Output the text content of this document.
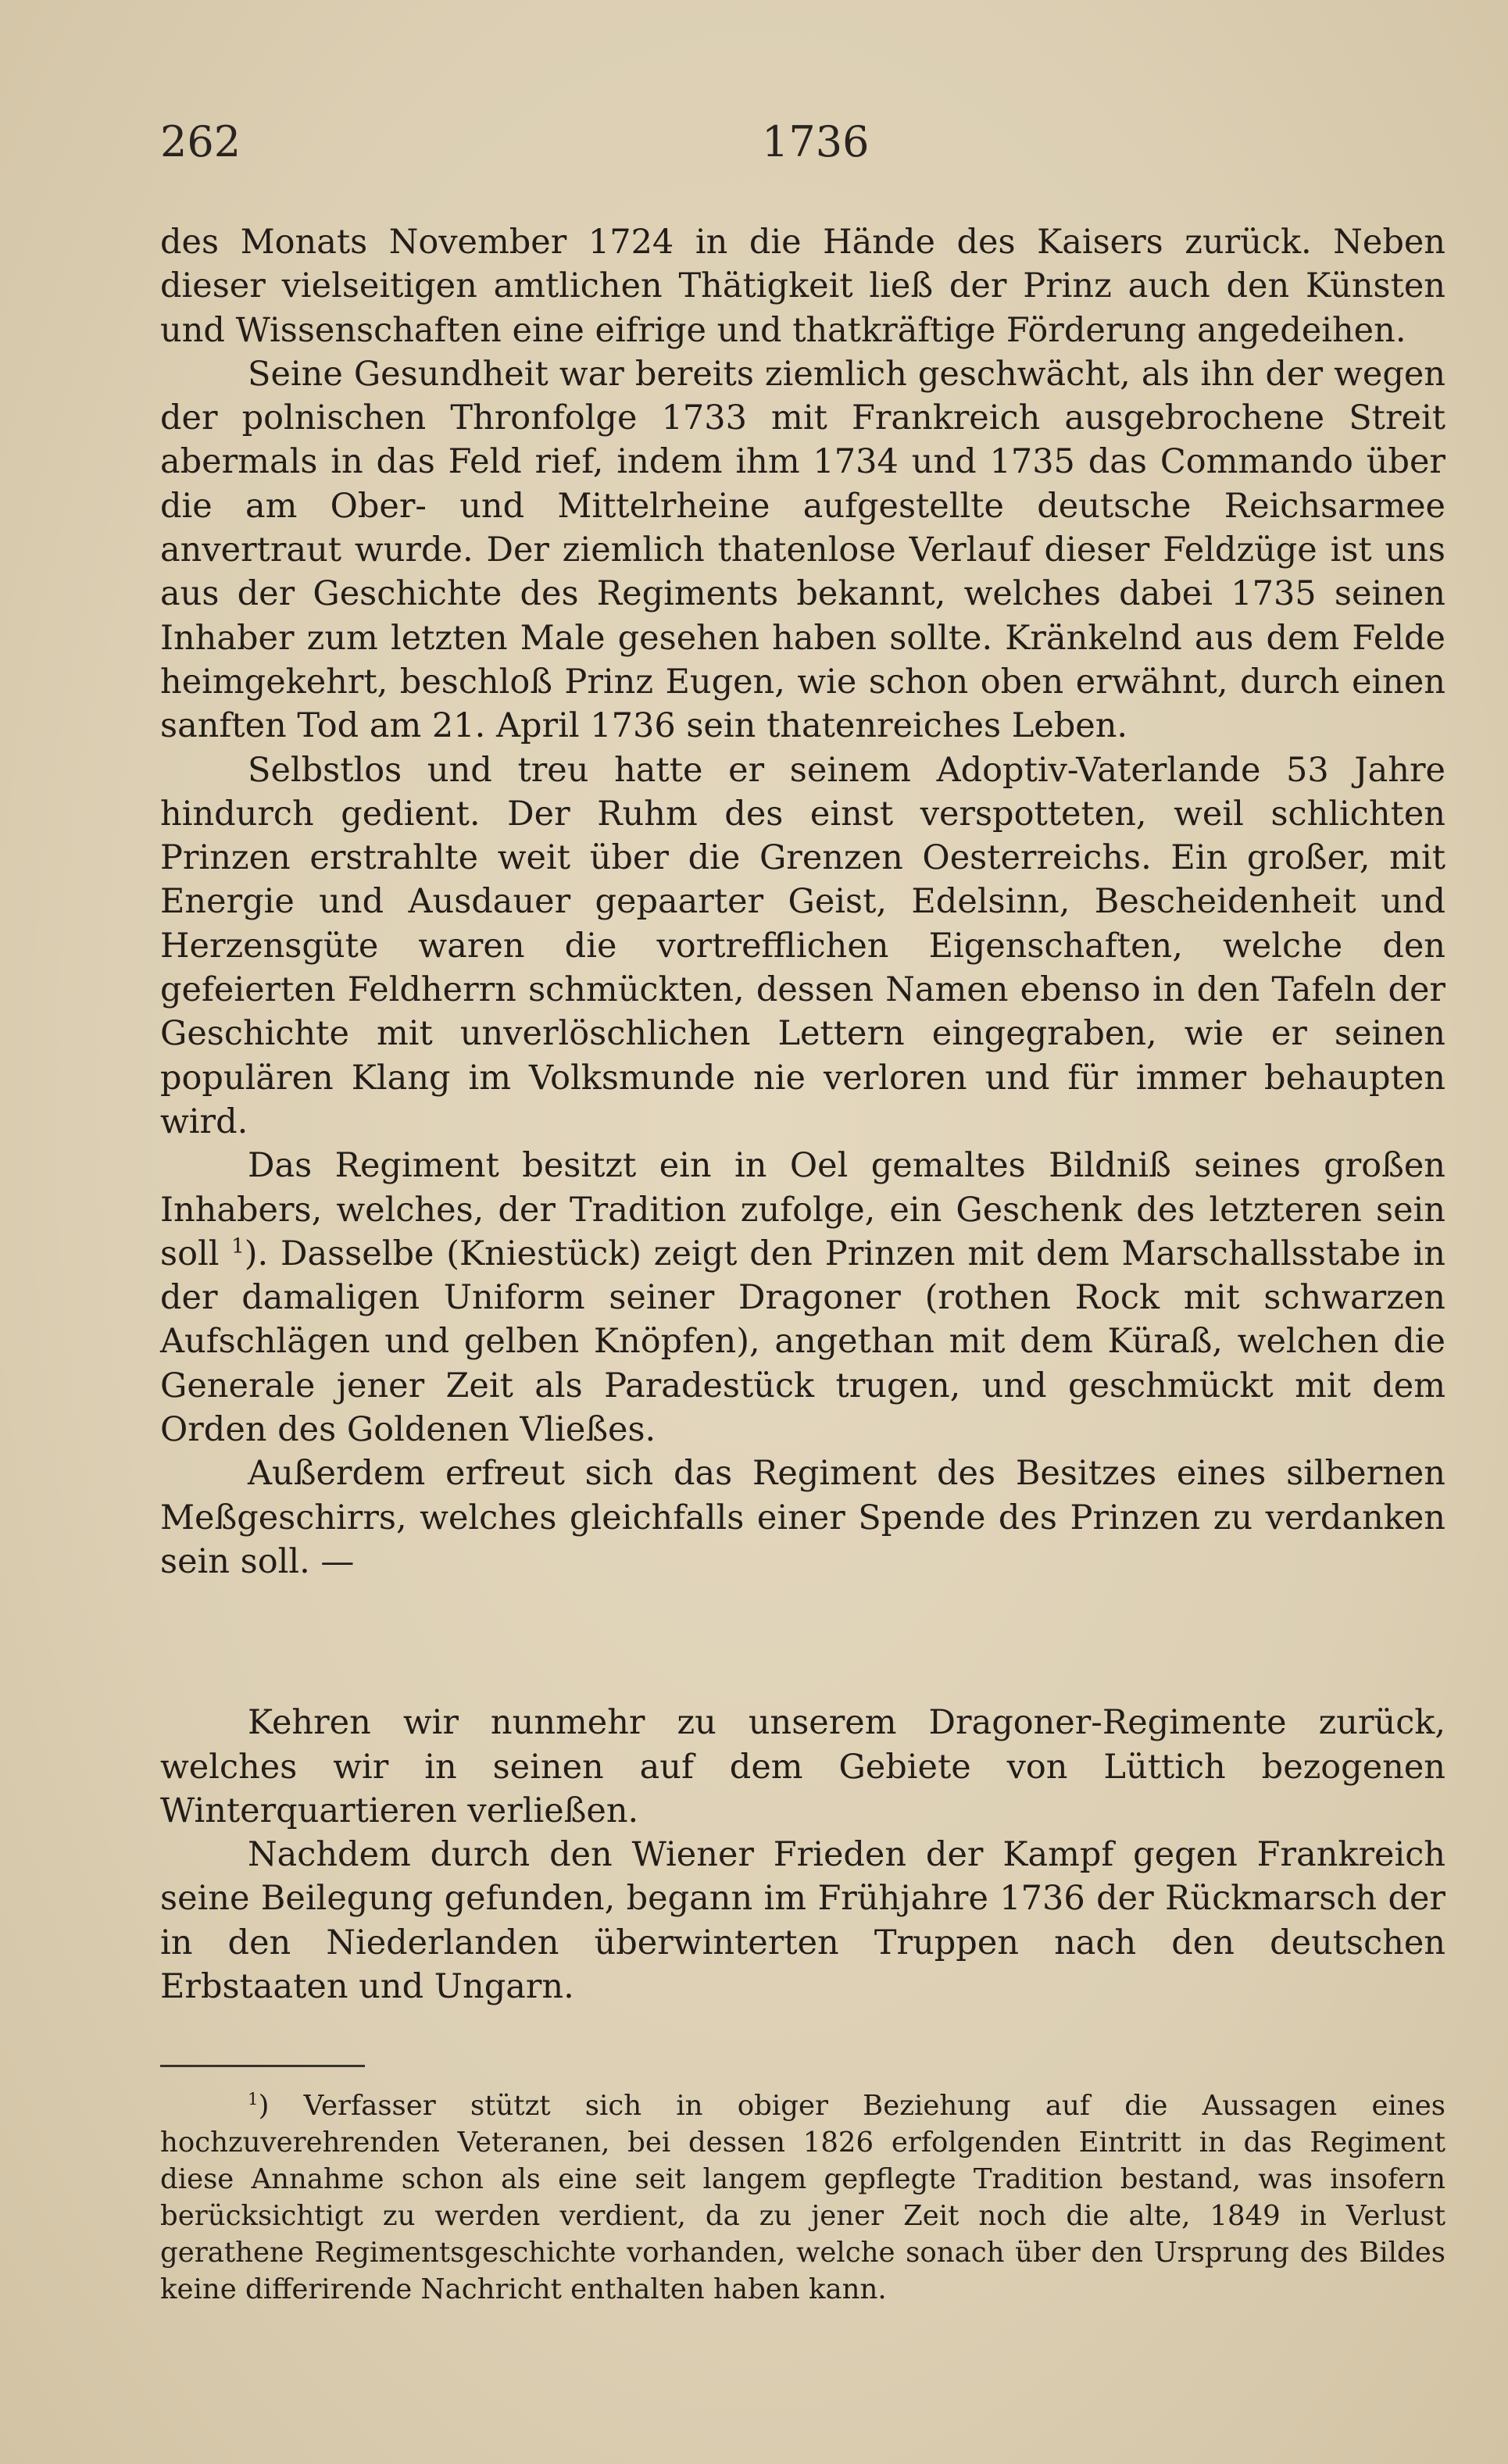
262	1736

des Monats November 1724 in die Hände des Kaisers zurück. Neben dieser vielseitigen amtlichen Thätigkeit ließ der Prinz auch den Künsten und Wissenschaften eine eifrige und thatkräftige Förderung angedeihen.

Seine Gesundheit war bereits ziemlich geschwächt, als ihn der wegen der polnischen Thronfolge 1733 mit Frankreich ausgebrochene Streit abermals in das Feld rief, indem ihm 1734 und 1735 das Commando über die am Ober- und Mittelrheine aufgestellte deutsche Reichsarmee anvertraut wurde. Der ziemlich thatenlose Verlauf dieser Feldzüge ist uns aus der Geschichte des Regiments bekannt, welches dabei 1735 seinen Inhaber zum letzten Male gesehen haben sollte. Kränkelnd aus dem Felde heimgekehrt, beschloß Prinz Eugen, wie schon oben erwähnt, durch einen sanften Tod am 21. April 1736 sein thatenreiches Leben.

Selbstlos und treu hatte er seinem Adoptiv-Vaterlande 53 Jahre hindurch gedient. Der Ruhm des einst verspotteten, weil schlichten Prinzen erstrahlte weit über die Grenzen Oesterreichs. Ein großer, mit Energie und Ausdauer gepaarter Geist, Edelsinn, Bescheidenheit und Herzensgüte waren die vortrefflichen Eigenschaften, welche den gefeierten Feldherrn schmückten, dessen Namen ebenso in den Tafeln der Geschichte mit unverlöschlichen Lettern eingegraben, wie er seinen populären Klang im Volksmunde nie verloren und für immer behaupten wird.

Das Regiment besitzt ein in Oel gemaltes Bildniß seines großen Inhabers, welches, der Tradition zufolge, ein Geschenk des letzteren sein soll $^1$). Dasselbe (Kniestück) zeigt den Prinzen mit dem Marschallsstabe in der damaligen Uniform seiner Dragoner (rothen Rock mit schwarzen Aufschlägen und gelben Knöpfen), angethan mit dem Küraß, welchen die Generale jener Zeit als Paradestück trugen, und geschmückt mit dem Orden des Goldenen Vließes.

Außerdem erfreut sich das Regiment des Besitzes eines silbernen Meßgeschirrs, welches gleichfalls einer Spende des Prinzen zu verdanken sein soll. —

Kehren wir nunmehr zu unserem Dragoner-Regimente zurück, welches wir in seinen auf dem Gebiete von Lüttich bezogenen Winterquartieren verließen.

Nachdem durch den Wiener Frieden der Kampf gegen Frankreich seine Beilegung gefunden, begann im Frühjahre 1736 der Rückmarsch der in den Niederlanden überwinterten Truppen nach den deutschen Erbstaaten und Ungarn.

$^1$) Verfasser stützt sich in obiger Beziehung auf die Aussagen eines hochzuverehrenden Veteranen, bei dessen 1826 erfolgenden Eintritt in das Regiment diese Annahme schon als eine seit langem gepflegte Tradition bestand, was insofern berücksichtigt zu werden verdient, da zu jener Zeit noch die alte, 1849 in Verlust gerathene Regimentsgeschichte vorhanden, welche sonach über den Ursprung des Bildes keine differirende Nachricht enthalten haben kann.
